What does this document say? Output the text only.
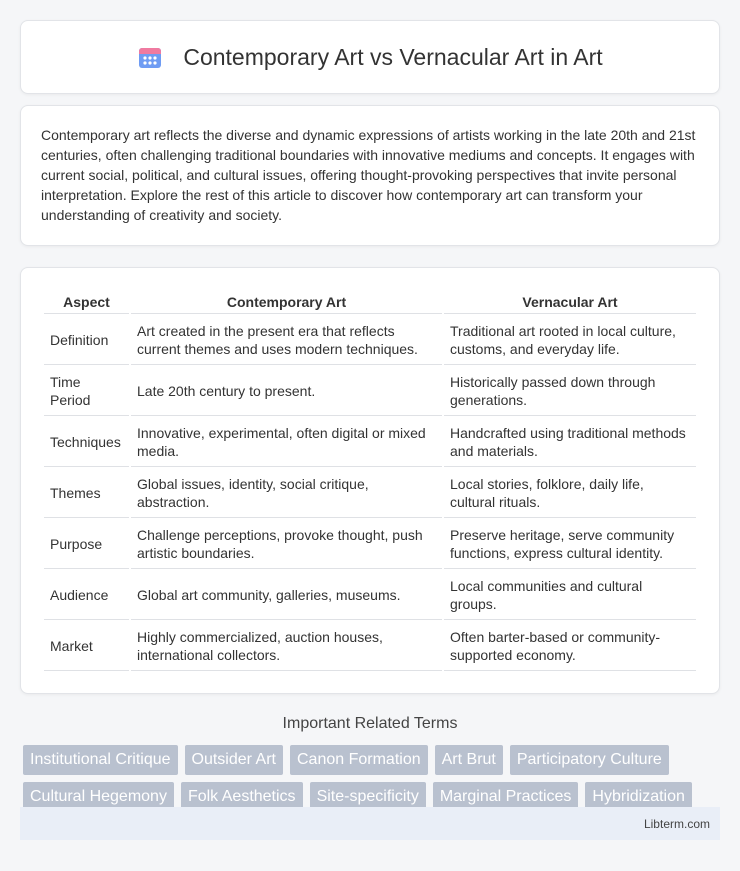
Contemporary Art vs Vernacular Art in Art

Contemporary art reflects the diverse and dynamic expressions of artists working in the late 20th and 21st centuries, often challenging traditional boundaries with innovative mediums and concepts. It engages with current social, political, and cultural issues, offering thought-provoking perspectives that invite personal interpretation. Explore the rest of this article to discover how contemporary art can transform your understanding of creativity and society.

Aspect	Contemporary Art	Vernacular Art
Definition	Art created in the present era that reflects current themes and uses modern techniques.	Traditional art rooted in local culture, customs, and everyday life.
Time Period	Late 20th century to present.	Historically passed down through generations.
Techniques	Innovative, experimental, often digital or mixed media.	Handcrafted using traditional methods and materials.
Themes	Global issues, identity, social critique, abstraction.	Local stories, folklore, daily life, cultural rituals.
Purpose	Challenge perceptions, provoke thought, push artistic boundaries.	Preserve heritage, serve community functions, express cultural identity.
Audience	Global art community, galleries, museums.	Local communities and cultural groups.
Market	Highly commercialized, auction houses, international collectors.	Often barter-based or community-supported economy.
Important Related Terms
Institutional Critique	Outsider Art	Canon Formation	Art Brut	Participatory Culture
Cultural Hegemony	Folk Aesthetics	Site-specificity	Marginal Practices	Hybridization
Libterm.com
